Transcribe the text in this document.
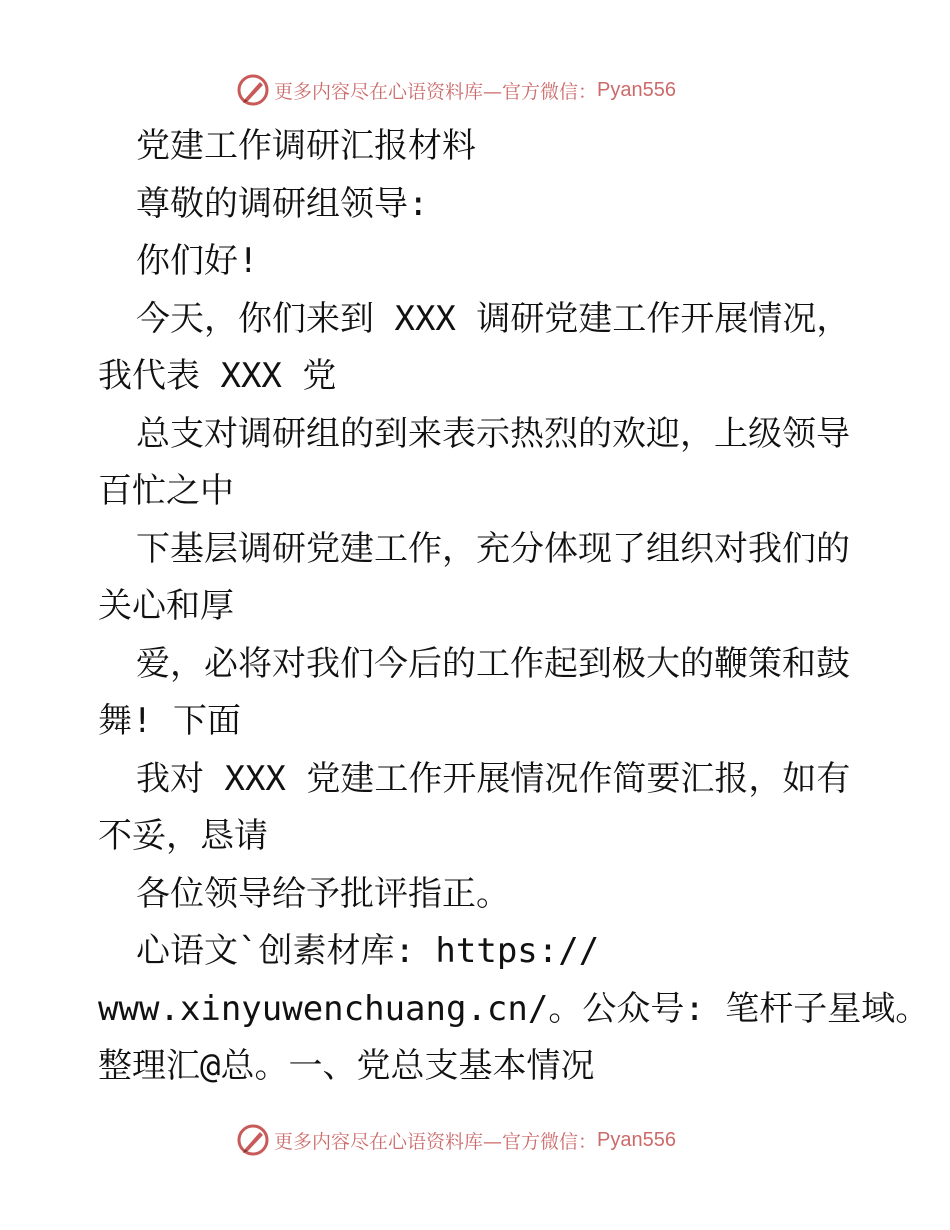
更多内容尽在心语资料库—官方微信： Pyan556
党建工作调研汇报材料
尊敬的调研组领导:
你们好!
今天，你们来到 XXX 调研党建工作开展情况，
我代表 XXX 党
总支对调研组的到来表示热烈的欢迎，上级领导
百忙之中
下基层调研党建工作，充分体现了组织对我们的
关心和厚
爱，必将对我们今后的工作起到极大的鞭策和鼓
舞! 下面
我对 XXX 党建工作开展情况作简要汇报，如有
不妥，恳请
各位领导给予批评指正。
心语文`创素材库: https://
www.xinyuwenchuang.cn/。公众号: 笔杆子星域。
整理汇@总。一、党总支基本情况
更多内容尽在心语资料库—官方微信： Pyan556
